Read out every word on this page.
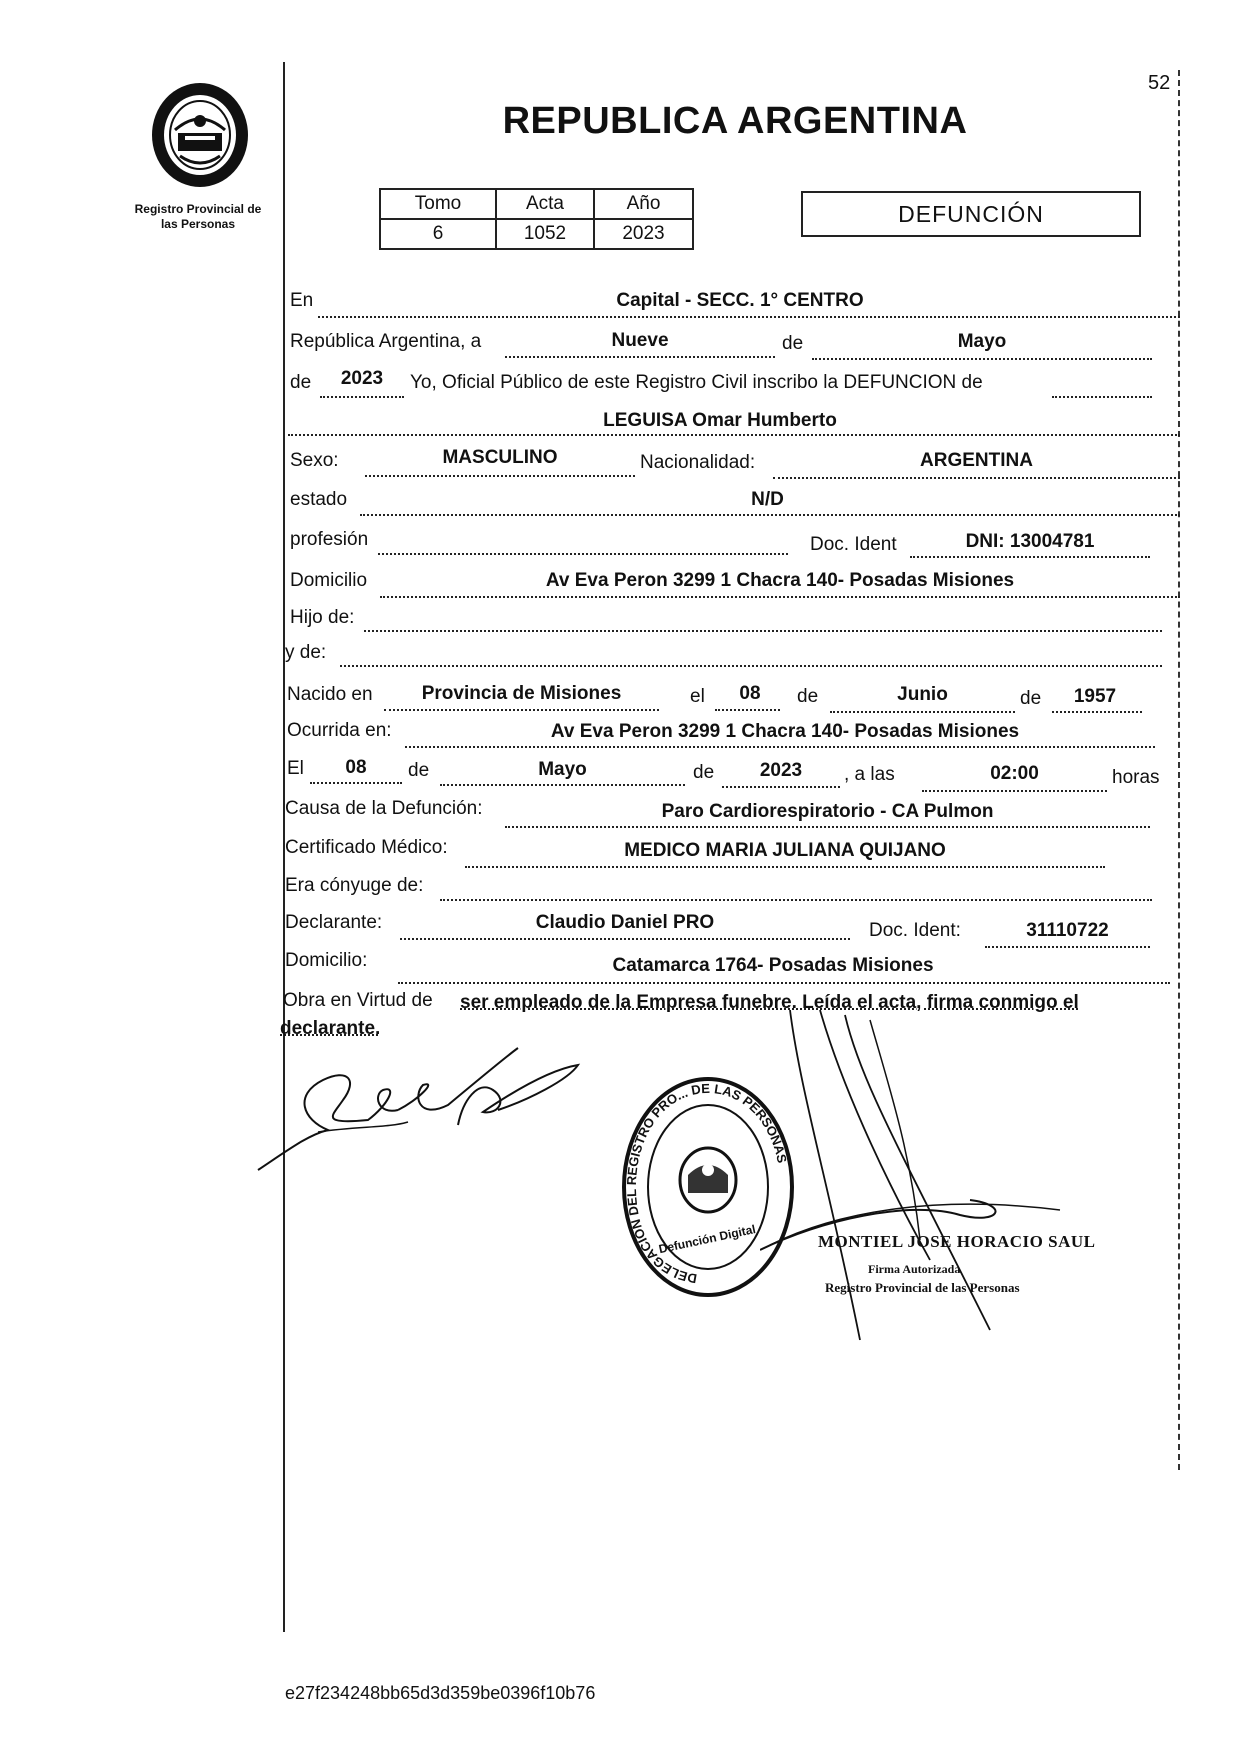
52
Registro Provincial de
las Personas
REPUBLICA ARGENTINA
Tomo	Acta	Año
6	1052	2023
DEFUNCIÓN
En	Capital - SECC. 1° CENTRO
República Argentina, a	Nueve	de	Mayo
de	2023	Yo, Oficial Público de este Registro Civil inscribo la DEFUNCION de
LEGUISA Omar Humberto
Sexo:	MASCULINO	Nacionalidad:	ARGENTINA
estado	N/D
profesión	Doc. Ident	DNI: 13004781
Domicilio	Av Eva Peron 3299 1 Chacra 140- Posadas Misiones
Hijo de:
y de:
Nacido en	Provincia de Misiones	el	08	de	Junio	de	1957
Ocurrida en:	Av Eva Peron 3299 1 Chacra 140- Posadas Misiones
El	08	de	Mayo	de	2023	, a las	02:00	horas
Causa de la Defunción:	Paro Cardiorespiratorio - CA Pulmon
Certificado Médico:	MEDICO MARIA JULIANA QUIJANO
Era cónyuge de:
Declarante:	Claudio Daniel PRO	Doc. Ident:	31110722
Domicilio:	Catamarca 1764- Posadas Misiones
Obra en Virtud de ser empleado de la Empresa funebre. Leída el acta, firma conmigo el
declarante.
DELEGACION DEL REGISTRO PRO... DE LAS PERSONAS
Defunción Digital	MONTIEL JOSE HORACIO SAUL
Firma Autorizada
Registro Provincial de las Personas
e27f234248bb65d3d359be0396f10b76
